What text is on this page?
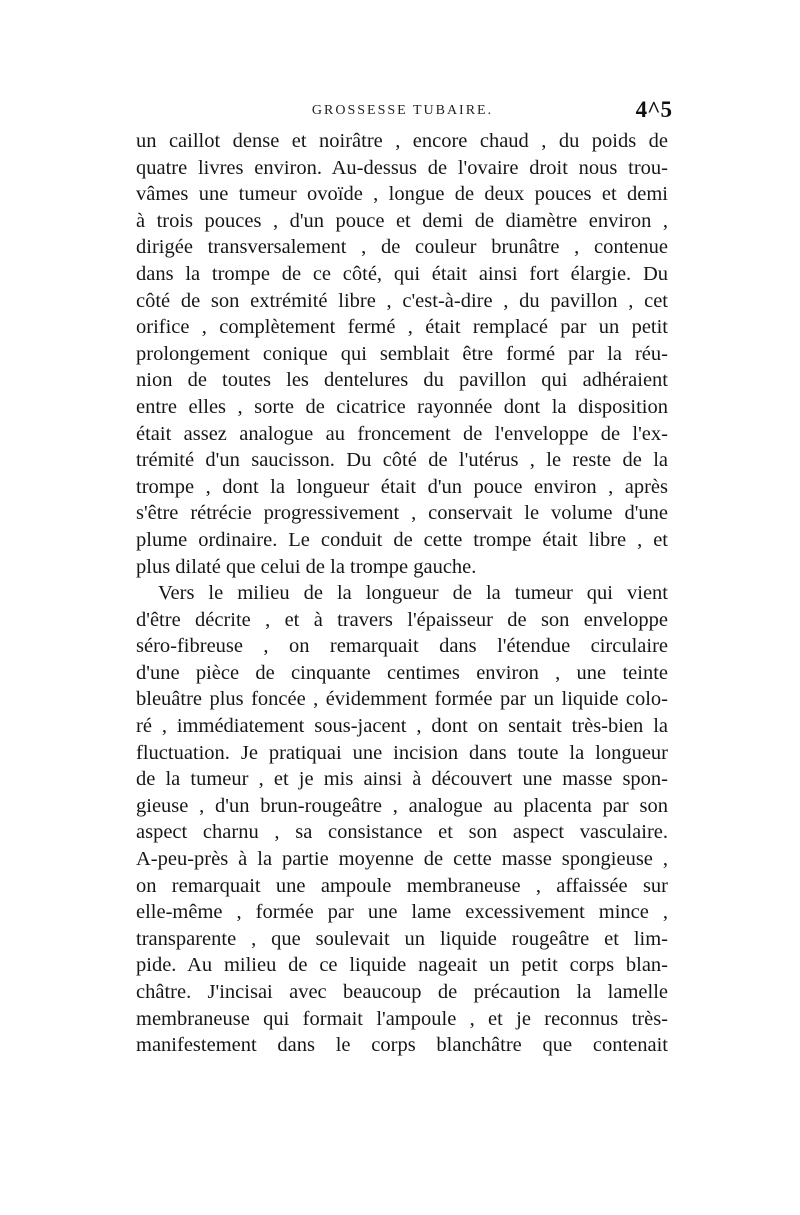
GROSSESSE TUBAIRE.	4^5
un caillot dense et noirâtre , encore chaud , du poids de
quatre livres environ. Au-dessus de l'ovaire droit nous trou-
vâmes une tumeur ovoïde , longue de deux pouces et demi
à trois pouces , d'un pouce et demi de diamètre environ ,
dirigée transversalement , de couleur brunâtre , contenue
dans la trompe de ce côté, qui était ainsi fort élargie. Du
côté de son extrémité libre , c'est-à-dire , du pavillon , cet
orifice , complètement fermé , était remplacé par un petit
prolongement conique qui semblait être formé par la réu-
nion de toutes les dentelures du pavillon qui adhéraient
entre elles , sorte de cicatrice rayonnée dont la disposition
était assez analogue au froncement de l'enveloppe de l'ex-
trémité d'un saucisson. Du côté de l'utérus , le reste de la
trompe , dont la longueur était d'un pouce environ , après
s'être rétrécie progressivement , conservait le volume d'une
plume ordinaire. Le conduit de cette trompe était libre , et
plus dilaté que celui de la trompe gauche.
Vers le milieu de la longueur de la tumeur qui vient
d'être décrite , et à travers l'épaisseur de son enveloppe
séro-fibreuse , on remarquait dans l'étendue circulaire
d'une pièce de cinquante centimes environ , une teinte
bleuâtre plus foncée , évidemment formée par un liquide colo-
ré , immédiatement sous-jacent , dont on sentait très-bien la
fluctuation. Je pratiquai une incision dans toute la longueur
de la tumeur , et je mis ainsi à découvert une masse spon-
gieuse , d'un brun-rougeâtre , analogue au placenta par son
aspect charnu , sa consistance et son aspect vasculaire.
A-peu-près à la partie moyenne de cette masse spongieuse ,
on remarquait une ampoule membraneuse , affaissée sur
elle-même , formée par une lame excessivement mince ,
transparente , que soulevait un liquide rougeâtre et lim-
pide. Au milieu de ce liquide nageait un petit corps blan-
châtre. J'incisai avec beaucoup de précaution la lamelle
membraneuse qui formait l'ampoule , et je reconnus très-
manifestement dans le corps blanchâtre que contenait
